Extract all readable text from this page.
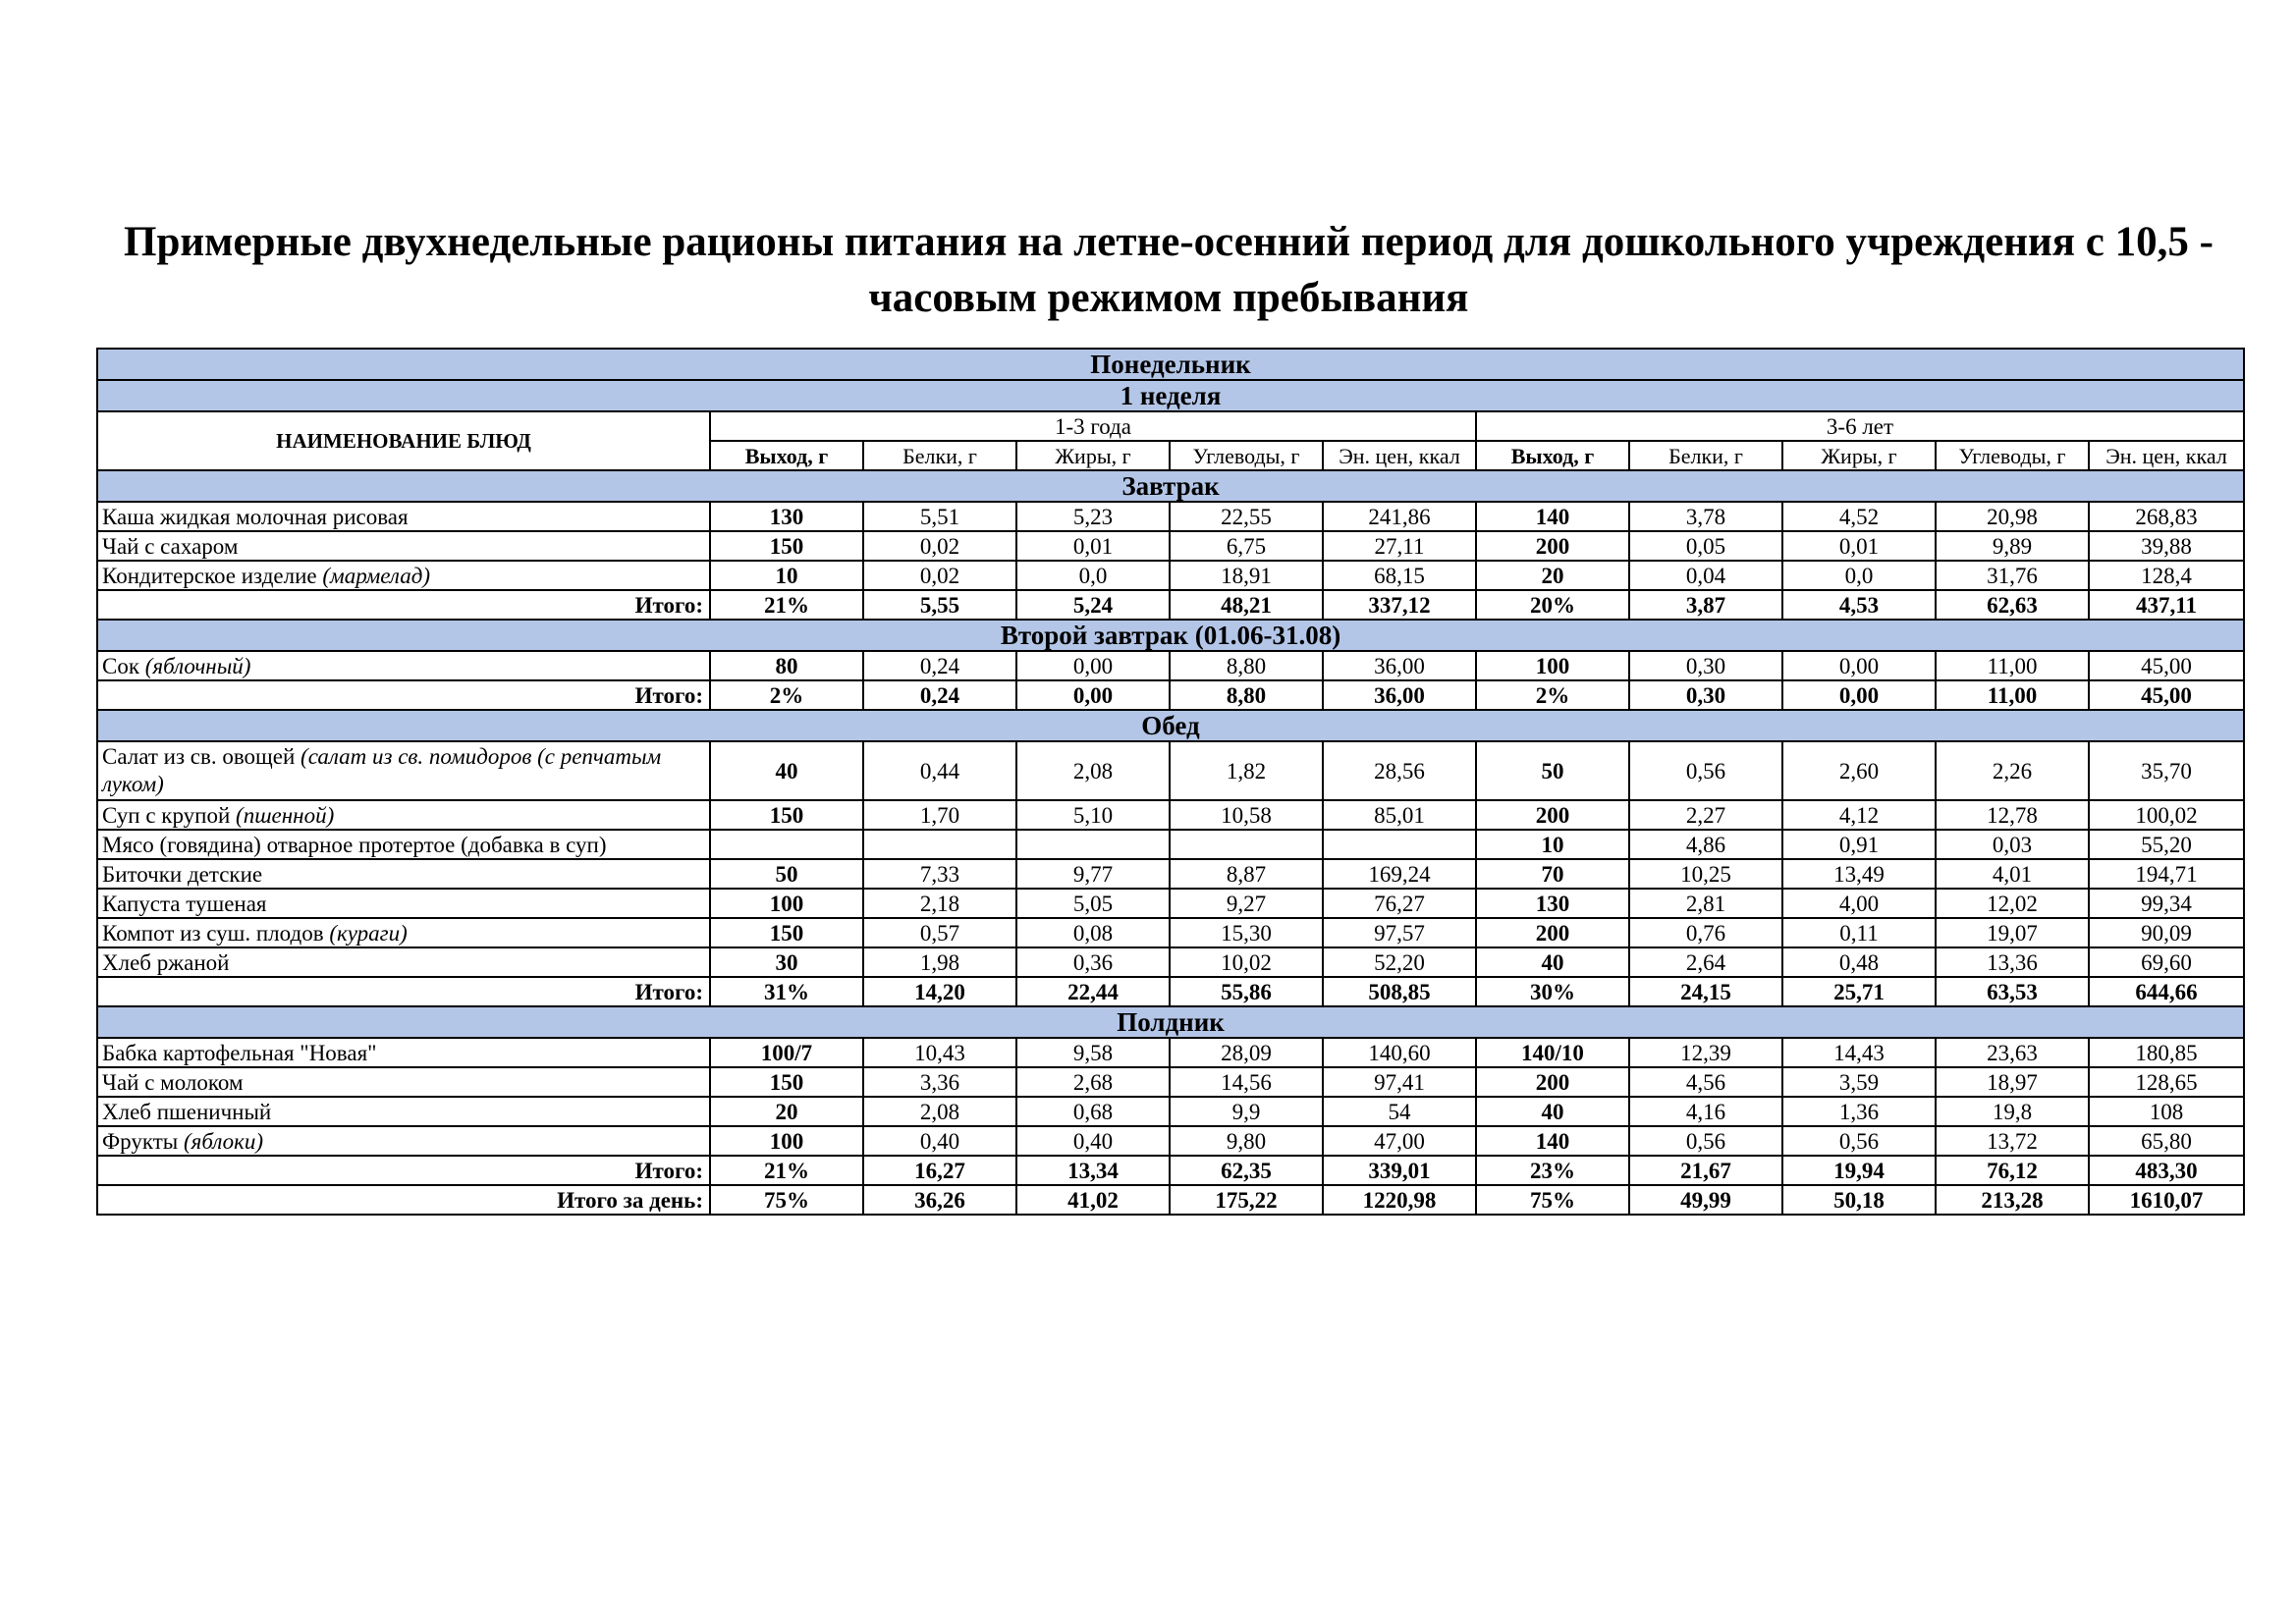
Примерные двухнедельные рационы питания на летне-осенний период для дошкольного учреждения с 10,5 - часовым режимом пребывания
Понедельник										
1 неделя										
НАИМЕНОВАНИЕ БЛЮД	1-3 года					3-6 лет				
	Выход, г	Белки, г	Жиры, г	Углеводы, г	Эн. цен, ккал	Выход, г	Белки, г	Жиры, г	Углеводы, г	Эн. цен, ккал
Завтрак										
Каша жидкая молочная рисовая	130	5,51	5,23	22,55	241,86	140	3,78	4,52	20,98	268,83
Чай с сахаром	150	0,02	0,01	6,75	27,11	200	0,05	0,01	9,89	39,88
Кондитерское изделие (мармелад)	10	0,02	0,0	18,91	68,15	20	0,04	0,0	31,76	128,4
Итого:	21%	5,55	5,24	48,21	337,12	20%	3,87	4,53	62,63	437,11
Второй завтрак (01.06-31.08)										
Сок (яблочный)	80	0,24	0,00	8,80	36,00	100	0,30	0,00	11,00	45,00
Итого:	2%	0,24	0,00	8,80	36,00	2%	0,30	0,00	11,00	45,00
Обед										
Салат из св. овощей (салат из св. помидоров (с репчатым луком)	40	0,44	2,08	1,82	28,56	50	0,56	2,60	2,26	35,70
Суп с крупой (пшенной)	150	1,70	5,10	10,58	85,01	200	2,27	4,12	12,78	100,02
Мясо (говядина) отварное протертое (добавка в суп)						10	4,86	0,91	0,03	55,20
Биточки детские	50	7,33	9,77	8,87	169,24	70	10,25	13,49	4,01	194,71
Капуста тушеная	100	2,18	5,05	9,27	76,27	130	2,81	4,00	12,02	99,34
Компот из суш. плодов (кураги)	150	0,57	0,08	15,30	97,57	200	0,76	0,11	19,07	90,09
Хлеб ржаной	30	1,98	0,36	10,02	52,20	40	2,64	0,48	13,36	69,60
Итого:	31%	14,20	22,44	55,86	508,85	30%	24,15	25,71	63,53	644,66
Полдник										
Бабка картофельная "Новая"	100/7	10,43	9,58	28,09	140,60	140/10	12,39	14,43	23,63	180,85
Чай с молоком	150	3,36	2,68	14,56	97,41	200	4,56	3,59	18,97	128,65
Хлеб пшеничный	20	2,08	0,68	9,9	54	40	4,16	1,36	19,8	108
Фрукты (яблоки)	100	0,40	0,40	9,80	47,00	140	0,56	0,56	13,72	65,80
Итого:	21%	16,27	13,34	62,35	339,01	23%	21,67	19,94	76,12	483,30
Итого за день:	75%	36,26	41,02	175,22	1220,98	75%	49,99	50,18	213,28	1610,07
